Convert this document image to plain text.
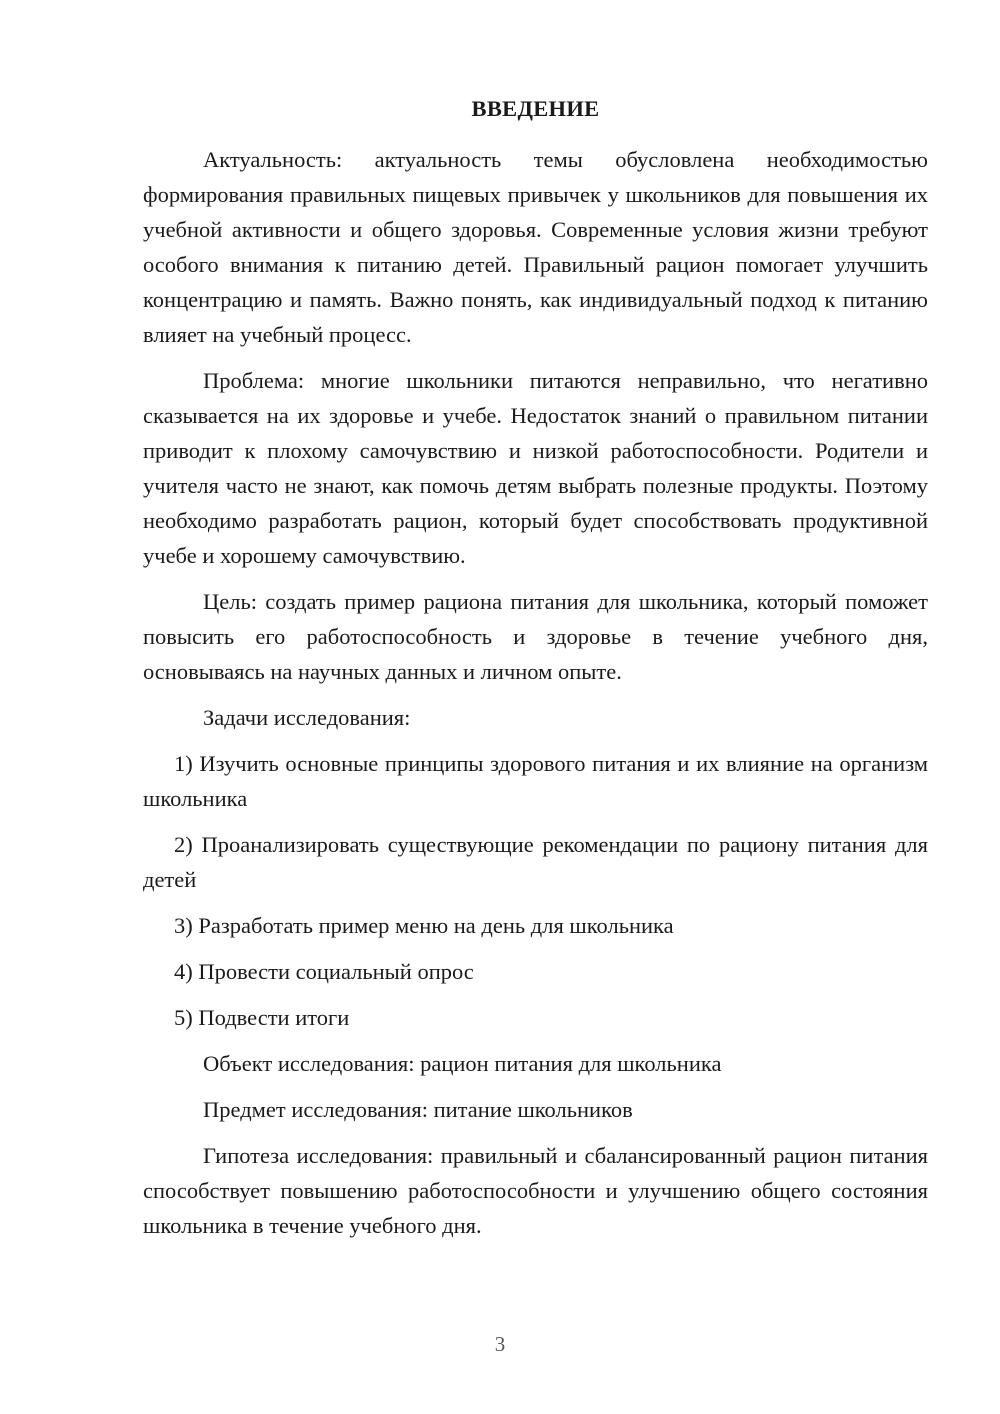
ВВЕДЕНИЕ

Актуальность: актуальность темы обусловлена необходимостью формирования правильных пищевых привычек у школьников для повышения их учебной активности и общего здоровья. Современные условия жизни требуют особого внимания к питанию детей. Правильный рацион помогает улучшить концентрацию и память. Важно понять, как индивидуальный подход к питанию влияет на учебный процесс.

Проблема: многие школьники питаются неправильно, что негативно сказывается на их здоровье и учебе. Недостаток знаний о правильном питании приводит к плохому самочувствию и низкой работоспособности. Родители и учителя часто не знают, как помочь детям выбрать полезные продукты. Поэтому необходимо разработать рацион, который будет способствовать продуктивной учебе и хорошему самочувствию.

Цель: создать пример рациона питания для школьника, который поможет повысить его работоспособность и здоровье в течение учебного дня, основываясь на научных данных и личном опыте.

Задачи исследования:

1) Изучить основные принципы здорового питания и их влияние на организм школьника

2) Проанализировать существующие рекомендации по рациону питания для детей

3) Разработать пример меню на день для школьника

4) Провести социальный опрос

5) Подвести итоги

Объект исследования: рацион питания для школьника

Предмет исследования: питание школьников

Гипотеза исследования: правильный и сбалансированный рацион питания способствует повышению работоспособности и улучшению общего состояния школьника в течение учебного дня.

3
